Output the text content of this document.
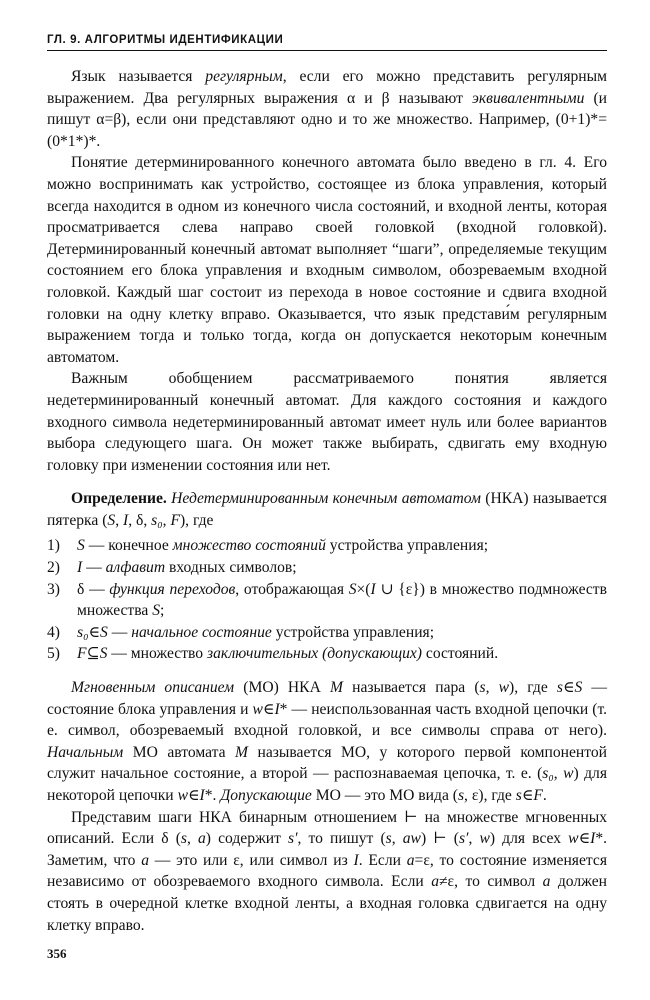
ГЛ. 9. АЛГОРИТМЫ ИДЕНТИФИКАЦИИ

Язык называется регулярным, если его можно представить регулярным выражением. Два регулярных выражения α и β называют эквивалентными (и пишут α=β), если они представляют одно и то же множество. Например, (0+1)*=(0*1*)*.

Понятие детерминированного конечного автомата было введено в гл. 4. Его можно воспринимать как устройство, состоящее из блока управления, который всегда находится в одном из конечного числа состояний, и входной ленты, которая просматривается слева направо своей головкой (входной головкой). Детерминированный конечный автомат выполняет “шаги”, определяемые текущим состоянием его блока управления и входным символом, обозреваемым входной головкой. Каждый шаг состоит из перехода в новое состояние и сдвига входной головки на одну клетку вправо. Оказывается, что язык представи́м регулярным выражением тогда и только тогда, когда он допускается некоторым конечным автоматом.

Важным обобщением рассматриваемого понятия является недетерминированный конечный автомат. Для каждого состояния и каждого входного символа недетерминированный автомат имеет нуль или более вариантов выбора следующего шага. Он может также выбирать, сдвигать ему входную головку при изменении состояния или нет.

Определение. Недетерминированным конечным автоматом (НКА) называется пятерка (S, I, δ, s₀, F), где

1) S — конечное множество состояний устройства управления;
2) I — алфавит входных символов;
3) δ — функция переходов, отображающая S×(I ∪ {ε}) в множество подмножеств множества S;
4) s₀∈S — начальное состояние устройства управления;
5) F⊆S — множество заключительных (допускающих) состояний.

Мгновенным описанием (МО) НКА M называется пара (s, w), где s∈S — состояние блока управления и w∈I* — неиспользованная часть входной цепочки (т. е. символ, обозреваемый входной головкой, и все символы справа от него). Начальным МО автомата M называется МО, у которого первой компонентой служит начальное состояние, а второй — распознаваемая цепочка, т. е. (s₀, w) для некоторой цепочки w∈I*. Допускающие МО — это МО вида (s, ε), где s∈F.

Представим шаги НКА бинарным отношением ⊢ на множестве мгновенных описаний. Если δ (s, a) содержит s′, то пишут (s, aw) ⊢ (s′, w) для всех w∈I*. Заметим, что a — это или ε, или символ из I. Если a=ε, то состояние изменяется независимо от обозреваемого входного символа. Если a≠ε, то символ a должен стоять в очередной клетке входной ленты, а входная головка сдвигается на одну клетку вправо.

356
